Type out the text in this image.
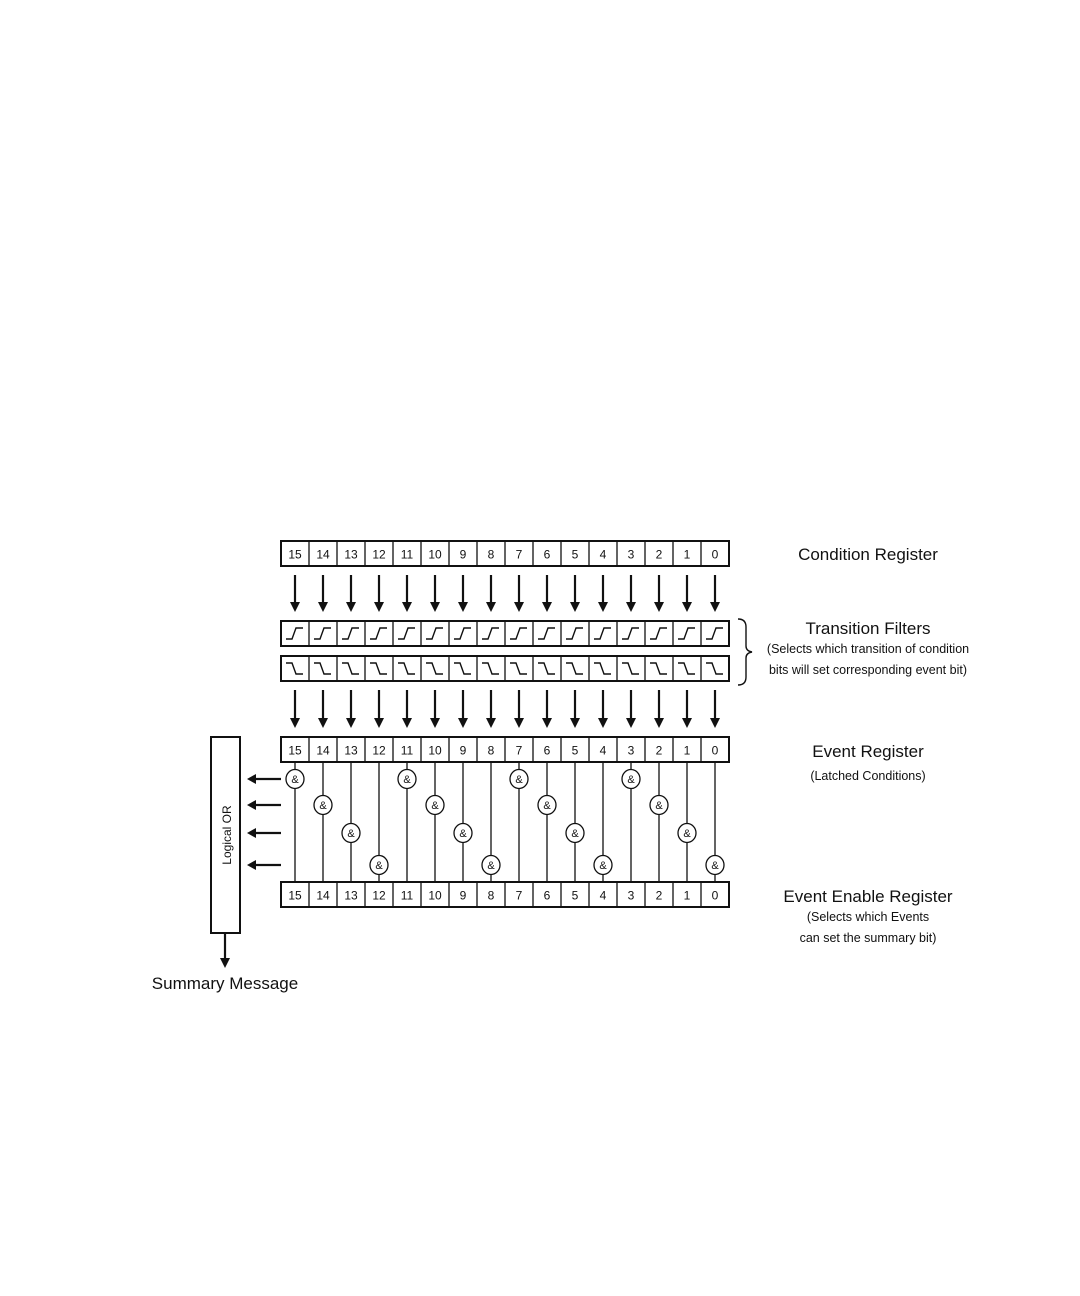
15 14 13 12 11 10 9 8 7 6 5 4 3 2 1 0
15 14 13 12 11 10 9 8 7 6 5 4 3 2 1 0
15 14 13 12 11 10 9 8 7 6 5 4 3 2 1 0
&
&
&
&
&
&
&
&
&
&
&
&
&
&
&
&
Logical OR
Condition Register
Transition Filters
(Selects which transition of condition
bits will set corresponding event bit)
Event Register
(Latched Conditions)
Event Enable Register
(Selects which Events
can set the summary bit)
Summary Message
